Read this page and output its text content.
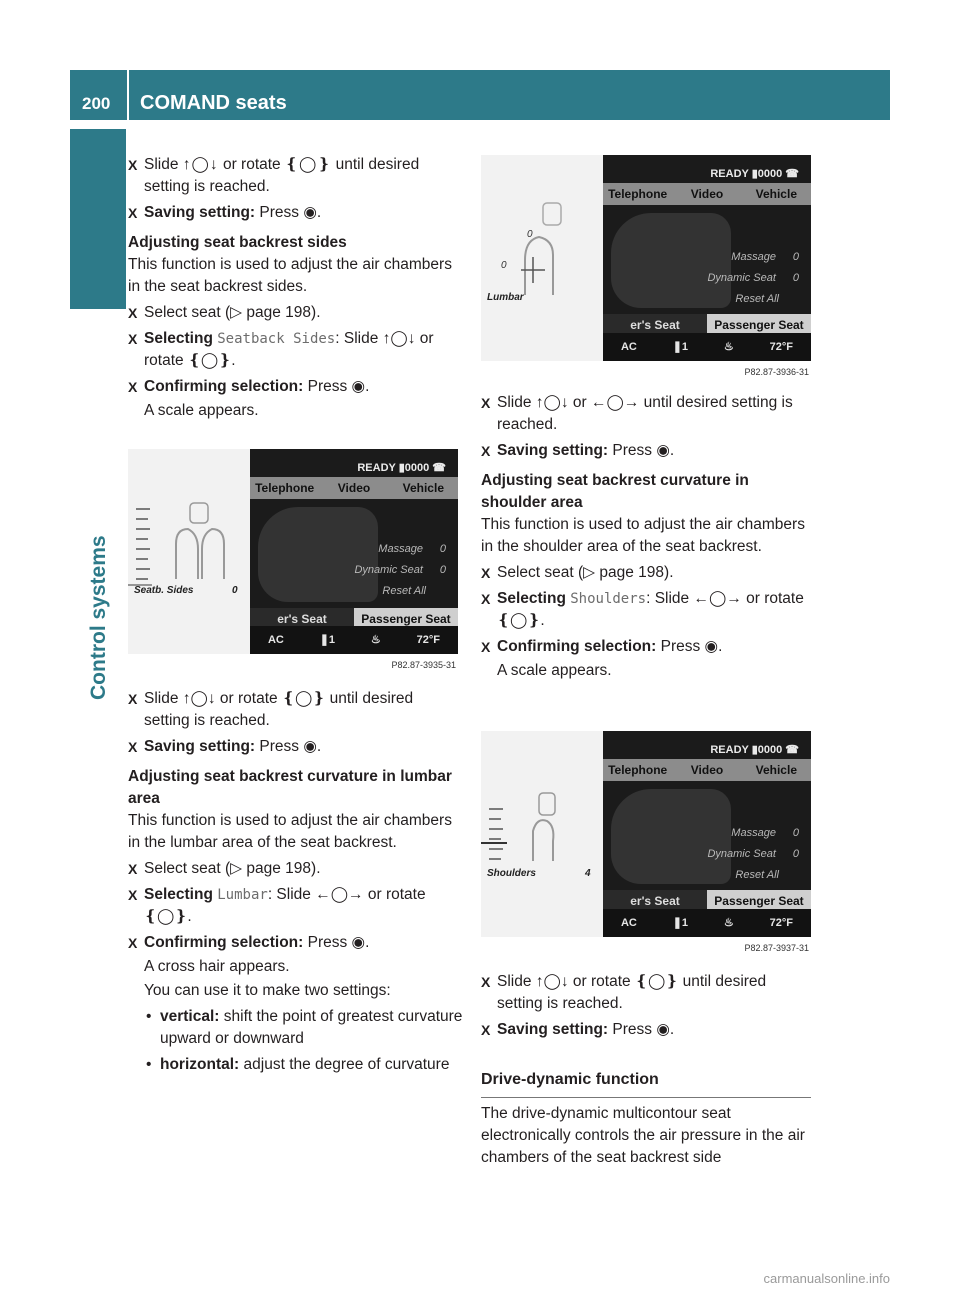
200 COMAND seats
Control systems
X Slide ↑◯↓ or rotate ❴◯❵ until desired setting is reached.
X Saving setting: Press ◉.
Adjusting seat backrest sides
This function is used to adjust the air chambers in the seat backrest sides.
X Select seat (▷ page 198).
X Selecting Seatback Sides: Slide ↑◯↓ or rotate ❴◯❵.
X Confirming selection: Press ◉.
A scale appears.
Seatb. Sides	0
READY ▮0000 ☎
Telephone	Video	Vehicle
Massage 0
Dynamic Seat 0
Reset All
er's Seat	Passenger Seat
AC	❚1	♨	72°F
P82.87-3935-31
X Slide ↑◯↓ or rotate ❴◯❵ until desired setting is reached.
X Saving setting: Press ◉.
Adjusting seat backrest curvature in lumbar area
This function is used to adjust the air chambers in the lumbar area of the seat backrest.
X Select seat (▷ page 198).
X Selecting Lumbar: Slide ←◯→ or rotate ❴◯❵.
X Confirming selection: Press ◉.
A cross hair appears.
You can use it to make two settings:
• vertical: shift the point of greatest curvature upward or downward
• horizontal: adjust the degree of curvature
0
0
Lumbar
READY ▮0000 ☎
Telephone	Video	Vehicle
Massage 0
Dynamic Seat 0
Reset All
er's Seat	Passenger Seat
AC	❚1	♨	72°F
P82.87-3936-31
X Slide ↑◯↓ or ←◯→ until desired setting is reached.
X Saving setting: Press ◉.
Adjusting seat backrest curvature in shoulder area
This function is used to adjust the air chambers in the shoulder area of the seat backrest.
X Select seat (▷ page 198).
X Selecting Shoulders: Slide ←◯→ or rotate ❴◯❵.
X Confirming selection: Press ◉.
A scale appears.
Shoulders	4
READY ▮0000 ☎
Telephone	Video	Vehicle
Massage 0
Dynamic Seat 0
Reset All
er's Seat	Passenger Seat
AC	❚1	♨	72°F
P82.87-3937-31
X Slide ↑◯↓ or rotate ❴◯❵ until desired setting is reached.
X Saving setting: Press ◉.
Drive-dynamic function
The drive-dynamic multicontour seat electronically controls the air pressure in the air chambers of the seat backrest side
carmanualsonline.info
